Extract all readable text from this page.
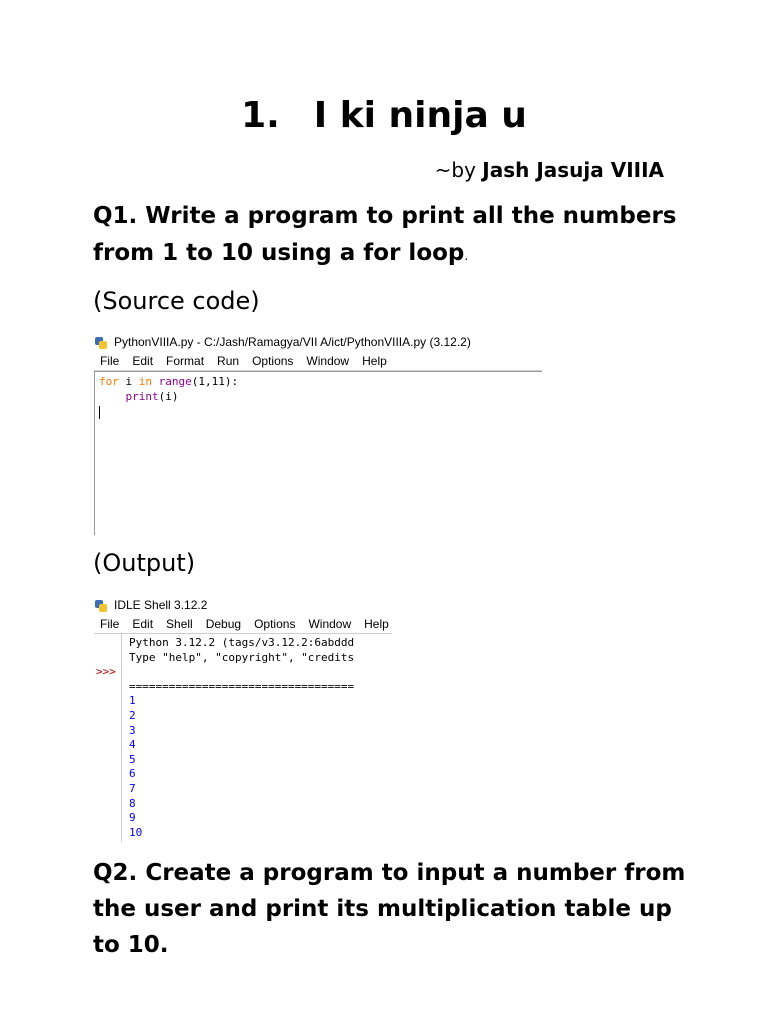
1. I ki ninja u
~by Jash Jasuja VIIIA

Q1. Write a program to print all the numbers from 1 to 10 using a for loop.

(Source code)
PythonVIIIA.py - C:/Jash/Ramagya/VII A/ict/PythonVIIIA.py (3.12.2)
File Edit Format Run Options Window Help
for i in range(1,11):
print(i)
(Output)
IDLE Shell 3.12.2
File Edit Shell Debug Options Window Help

>>>
Python 3.12.2 (tags/v3.12.2:6abddd
Type "help", "copyright", "credits

==================================
1
2
3
4
5
6
7
8
9
10

Q2. Create a program to input a number from the user and print its multiplication table up to 10.
